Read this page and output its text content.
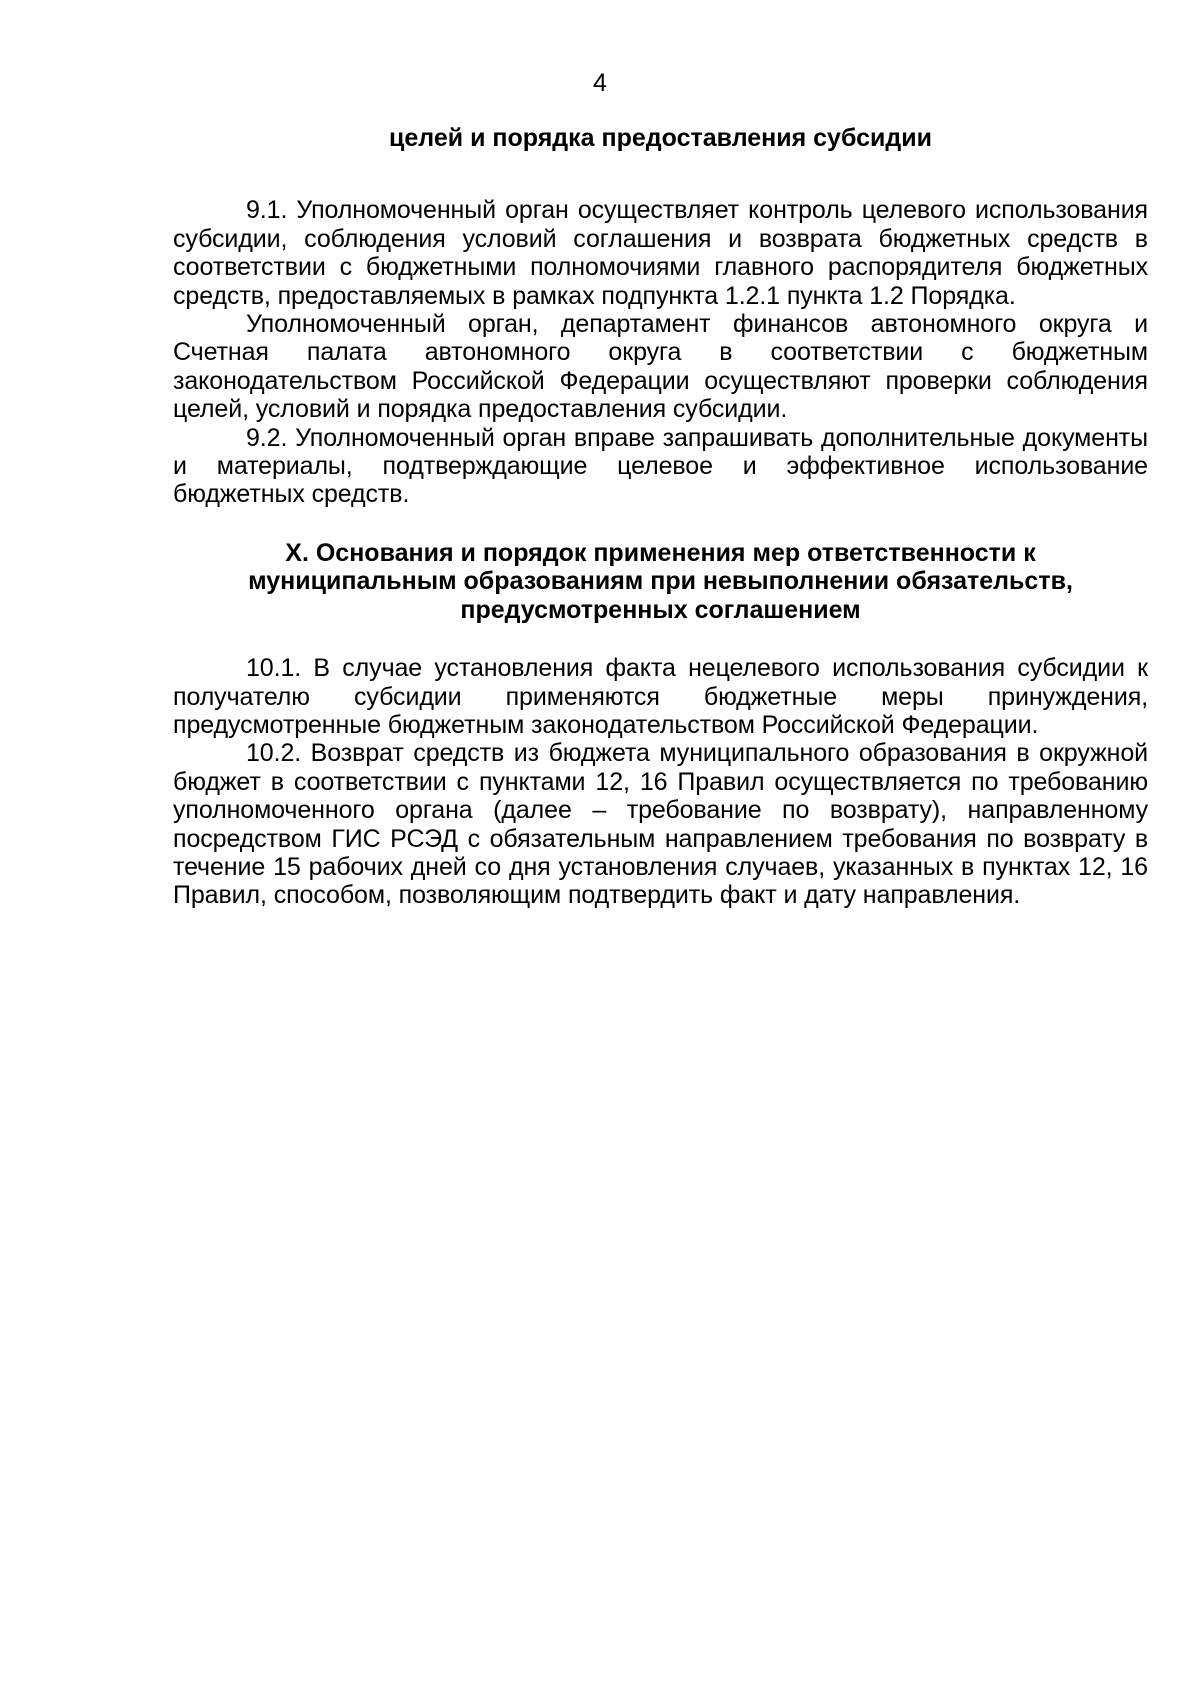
4

целей и порядка предоставления субсидии

9.1. Уполномоченный орган осуществляет контроль целевого использования субсидии, соблюдения условий соглашения и возврата бюджетных средств в соответствии с бюджетными полномочиями главного распорядителя бюджетных средств, предоставляемых в рамках подпункта 1.2.1 пункта 1.2 Порядка.

Уполномоченный орган, департамент финансов автономного округа и Счетная палата автономного округа в соответствии с бюджетным законодательством Российской Федерации осуществляют проверки соблюдения целей, условий и порядка предоставления субсидии.

9.2. Уполномоченный орган вправе запрашивать дополнительные документы и материалы, подтверждающие целевое и эффективное использование бюджетных средств.

X. Основания и порядок применения мер ответственности к
муниципальным образованиям при невыполнении обязательств,
предусмотренных соглашением

10.1. В случае установления факта нецелевого использования субсидии к получателю субсидии применяются бюджетные меры принуждения, предусмотренные бюджетным законодательством Российской Федерации.

10.2. Возврат средств из бюджета муниципального образования в окружной бюджет в соответствии с пунктами 12, 16 Правил осуществляется по требованию уполномоченного органа (далее – требование по возврату), направленному посредством ГИС РСЭД с обязательным направлением требования по возврату в течение 15 рабочих дней со дня установления случаев, указанных в пунктах 12, 16 Правил, способом, позволяющим подтвердить факт и дату направления.
